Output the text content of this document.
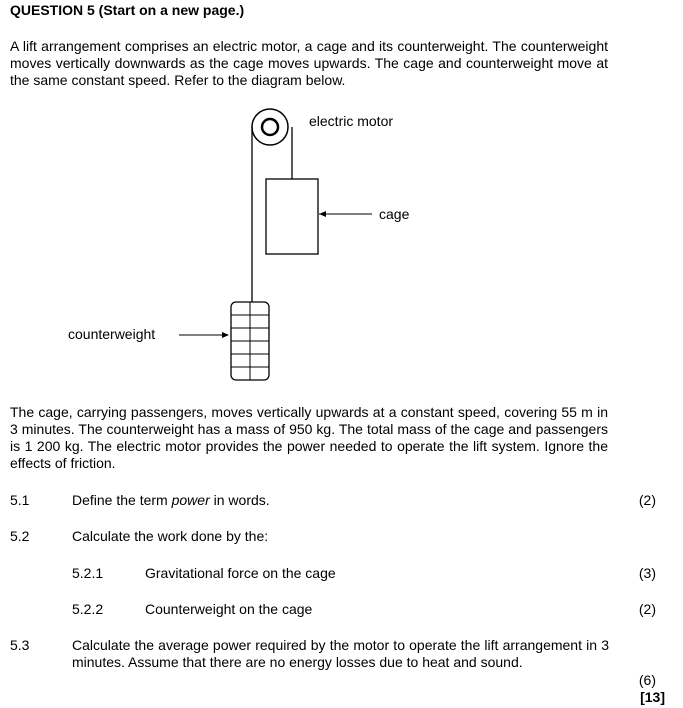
QUESTION 5 (Start on a new page.)

A lift arrangement comprises an electric motor, a cage and its counterweight. The counterweight moves vertically downwards as the cage moves upwards. The cage and counterweight move at the same constant speed. Refer to the diagram below.

electric motor
cage
counterweight

The cage, carrying passengers, moves vertically upwards at a constant speed, covering 55 m in 3 minutes. The counterweight has a mass of 950 kg. The total mass of the cage and passengers is 1 200 kg. The electric motor provides the power needed to operate the lift system. Ignore the effects of friction.

5.1	Define the term power in words.	(2)
5.2	Calculate the work done by the:
5.2.1	Gravitational force on the cage	(3)
5.2.2	Counterweight on the cage	(2)
5.3	Calculate the average power required by the motor to operate the lift arrangement in 3 minutes. Assume that there are no energy losses due to heat and sound.

(6)
[13]
